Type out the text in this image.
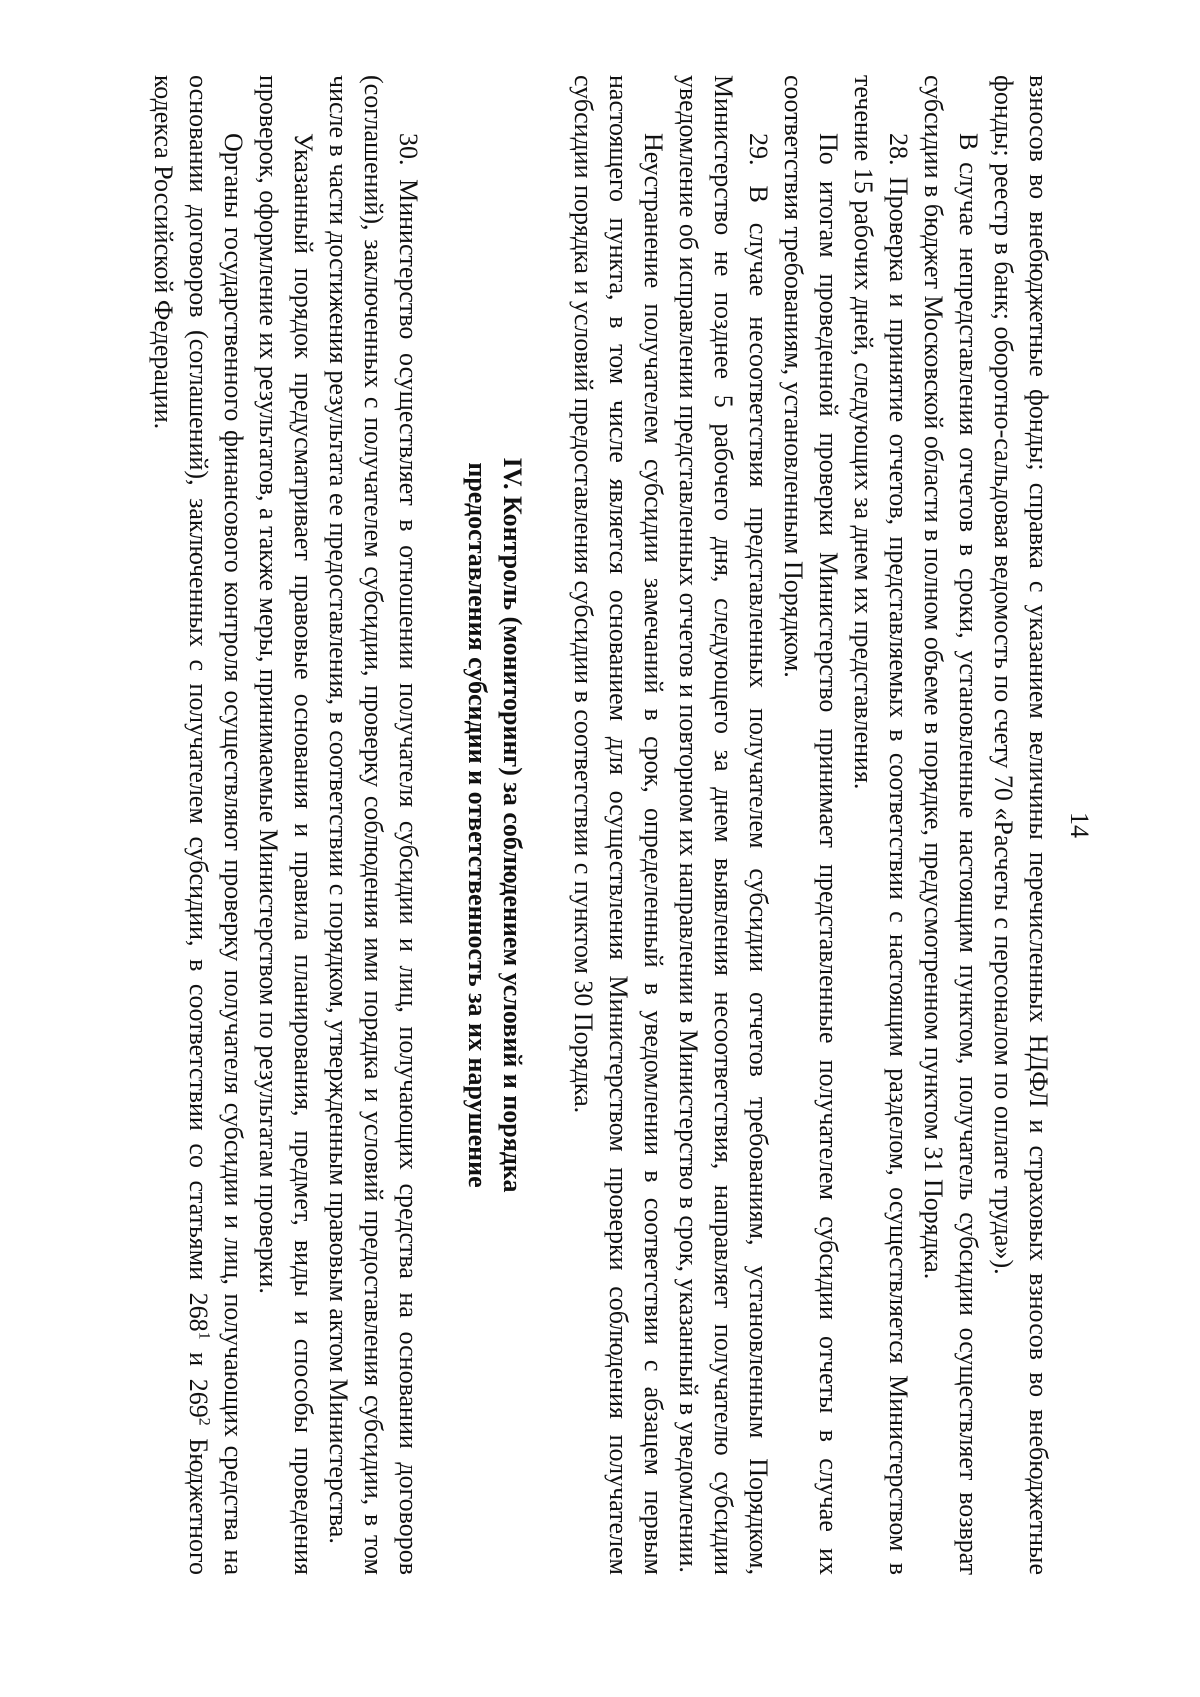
14

взносов во внебюджетные фонды; справка с указанием величины перечисленных НДФЛ и страховых взносов во внебюджетные фонды; реестр в банк; оборотно-сальдовая ведомость по счету 70 «Расчеты с персоналом по оплате труда»).

В случае непредставления отчетов в сроки, установленные настоящим пунктом, получатель субсидии осуществляет возврат субсидии в бюджет Московской области в полном объеме в порядке, предусмотренном пунктом 31 Порядка.

28. Проверка и принятие отчетов, представляемых в соответствии с настоящим разделом, осуществляется Министерством в течение 15 рабочих дней, следующих за днем их представления.

По итогам проведенной проверки Министерство принимает представленные получателем субсидии отчеты в случае их соответствия требованиям, установленным Порядком.

29. В случае несоответствия представленных получателем субсидии отчетов требованиям, установленным Порядком, Министерство не позднее 5 рабочего дня, следующего за днем выявления несоответствия, направляет получателю субсидии уведомление об исправлении представленных отчетов и повторном их направлении в Министерство в срок, указанный в уведомлении.

Неустранение получателем субсидии замечаний в срок, определенный в уведомлении в соответствии с абзацем первым настоящего пункта, в том числе является основанием для осуществления Министерством проверки соблюдения получателем субсидии порядка и условий предоставления субсидии в соответствии с пунктом 30 Порядка.

IV. Контроль (мониторинг) за соблюдением условий и порядка
предоставления субсидии и ответственность за их нарушение

30. Министерство осуществляет в отношении получателя субсидии и лиц, получающих средства на основании договоров (соглашений), заключенных с получателем субсидии, проверку соблюдения ими порядка и условий предоставления субсидии, в том числе в части достижения результата ее предоставления, в соответствии с порядком, утвержденным правовым актом Министерства.

Указанный порядок предусматривает правовые основания и правила планирования, предмет, виды и способы проведения проверок, оформление их результатов, а также меры, принимаемые Министерством по результатам проверки.

Органы государственного финансового контроля осуществляют проверку получателя субсидии и лиц, получающих средства на основании договоров (соглашений), заключенных с получателем субсидии, в соответствии со статьями $268^1$ и $269^2$ Бюджетного кодекса Российской Федерации.
